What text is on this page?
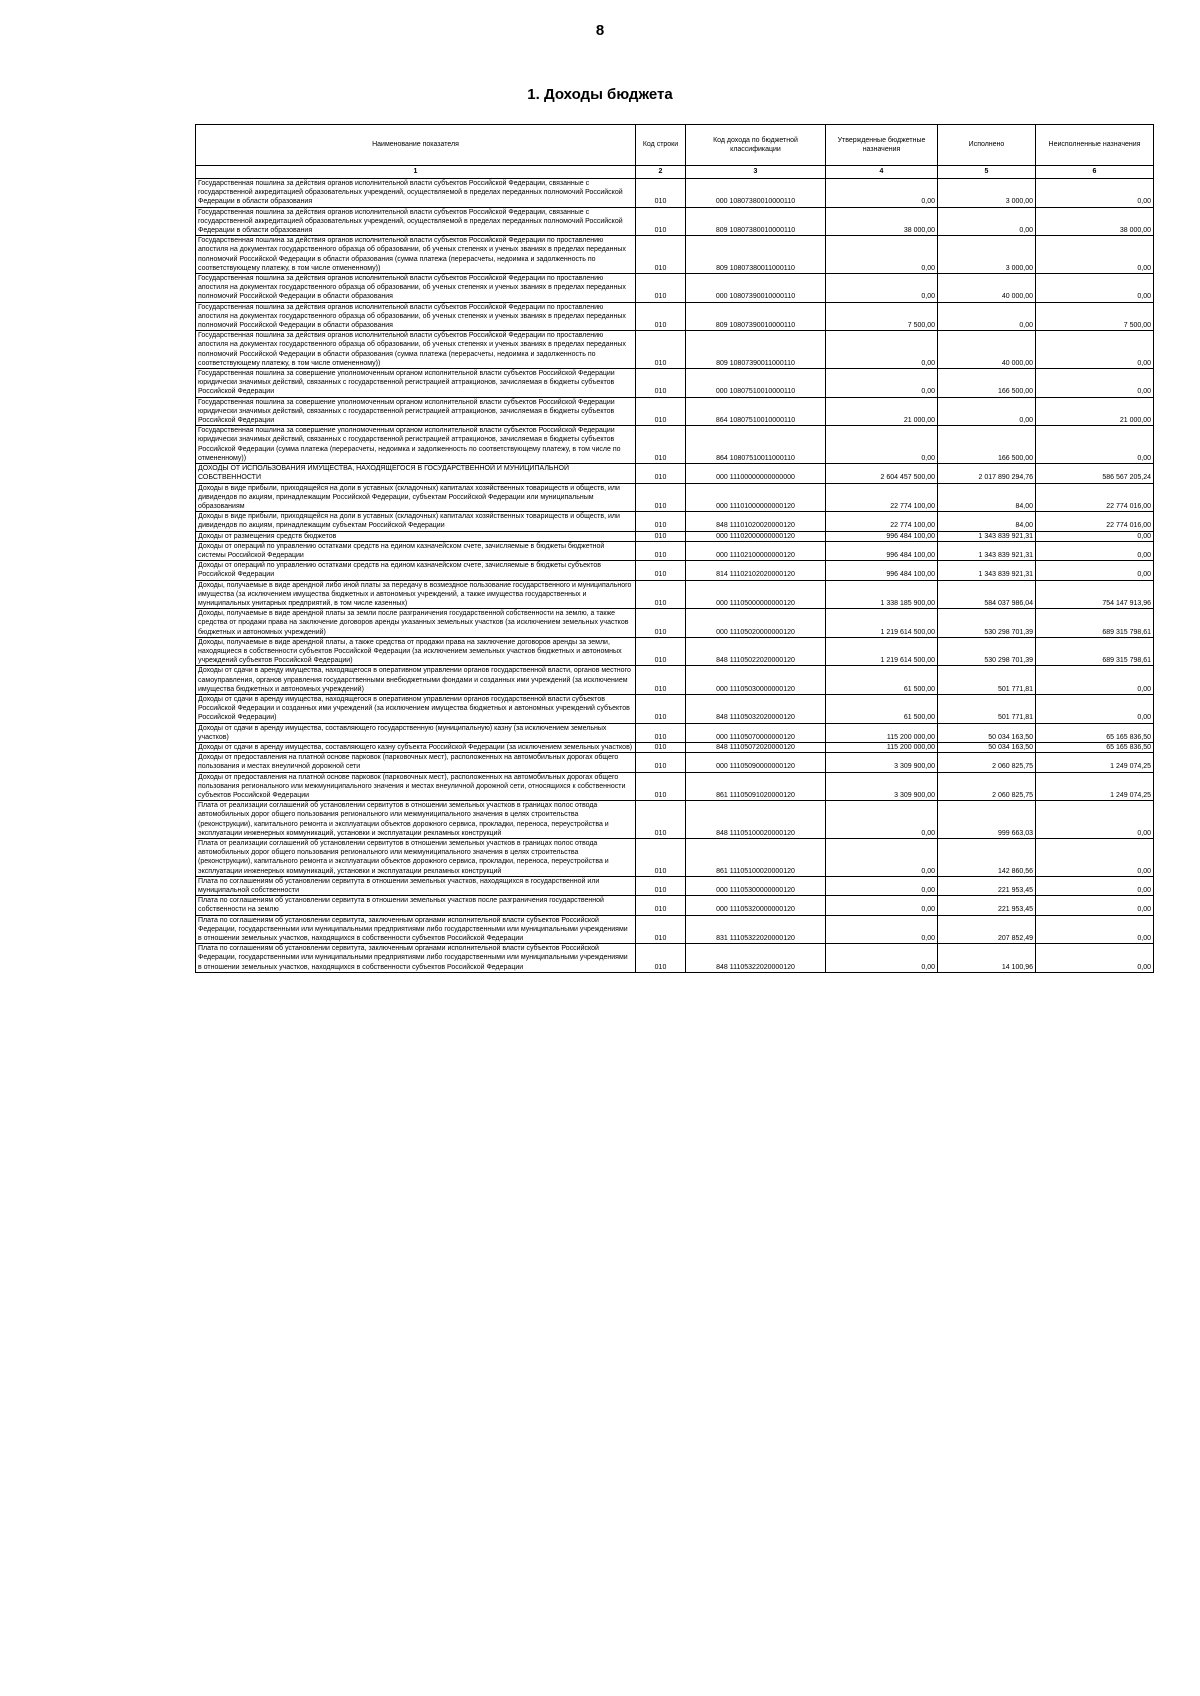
8
1. Доходы бюджета
Наименование показателя	Код строки	Код дохода по бюджетной классификации	Утвержденные бюджетные назначения	Исполнено	Неисполненные назначения
1	2	3	4	5	6
Государственная пошлина за действия органов исполнительной власти субъектов Российской Федерации, связанные с государственной аккредитацией образовательных учреждений, осуществляемой в пределах переданных полномочий Российской Федерации в области образования	010	000 10807380010000110	0,00	3 000,00	0,00
Государственная пошлина за действия органов исполнительной власти субъектов Российской Федерации, связанные с государственной аккредитацией образовательных учреждений, осуществляемой в пределах переданных полномочий Российской Федерации в области образования	010	809 10807380010000110	38 000,00	0,00	38 000,00
Государственная пошлина за действия органов исполнительной власти субъектов Российской Федерации по проставлению апостиля на документах государственного образца об образовании, об ученых степенях и ученых званиях в пределах переданных полномочий Российской Федерации в области образования (сумма платежа (перерасчеты, недоимка и задолженность по соответствующему платежу, в том числе отмененному))	010	809 10807380011000110	0,00	3 000,00	0,00
Государственная пошлина за действия органов исполнительной власти субъектов Российской Федерации по проставлению апостиля на документах государственного образца об образовании, об ученых степенях и ученых званиях в пределах переданных полномочий Российской Федерации в области образования	010	000 10807390010000110	0,00	40 000,00	0,00
Государственная пошлина за действия органов исполнительной власти субъектов Российской Федерации по проставлению апостиля на документах государственного образца об образовании, об ученых степенях и ученых званиях в пределах переданных полномочий Российской Федерации в области образования	010	809 10807390010000110	7 500,00	0,00	7 500,00
Государственная пошлина за действия органов исполнительной власти субъектов Российской Федерации по проставлению апостиля на документах государственного образца об образовании, об ученых степенях и ученых званиях в пределах переданных полномочий Российской Федерации в области образования (сумма платежа (перерасчеты, недоимка и задолженность по соответствующему платежу, в том числе отмененному))	010	809 10807390011000110	0,00	40 000,00	0,00
Государственная пошлина за совершение уполномоченным органом исполнительной власти субъектов Российской Федерации юридически значимых действий, связанных с государственной регистрацией аттракционов, зачисляемая в бюджеты субъектов Российской Федерации	010	000 10807510010000110	0,00	166 500,00	0,00
Государственная пошлина за совершение уполномоченным органом исполнительной власти субъектов Российской Федерации юридически значимых действий, связанных с государственной регистрацией аттракционов, зачисляемая в бюджеты субъектов Российской Федерации	010	864 10807510010000110	21 000,00	0,00	21 000,00
Государственная пошлина за совершение уполномоченным органом исполнительной власти субъектов Российской Федерации юридически значимых действий, связанных с государственной регистрацией аттракционов, зачисляемая в бюджеты субъектов Российской Федерации (сумма платежа (перерасчеты, недоимка и задолженность по соответствующему платежу, в том числе по отмененному))	010	864 10807510011000110	0,00	166 500,00	0,00
ДОХОДЫ ОТ ИСПОЛЬЗОВАНИЯ ИМУЩЕСТВА, НАХОДЯЩЕГОСЯ В ГОСУДАРСТВЕННОЙ И МУНИЦИПАЛЬНОЙ СОБСТВЕННОСТИ	010	000 11100000000000000	2 604 457 500,00	2 017 890 294,76	586 567 205,24
Доходы в виде прибыли, приходящейся на доли в уставных (складочных) капиталах хозяйственных товариществ и обществ, или дивидендов по акциям, принадлежащим Российской Федерации, субъектам Российской Федерации или муниципальным образованиям	010	000 11101000000000120	22 774 100,00	84,00	22 774 016,00
Доходы в виде прибыли, приходящейся на доли в уставных (складочных) капиталах хозяйственных товариществ и обществ, или дивидендов по акциям, принадлежащим субъектам Российской Федерации	010	848 11101020020000120	22 774 100,00	84,00	22 774 016,00
Доходы от размещения средств бюджетов	010	000 11102000000000120	996 484 100,00	1 343 839 921,31	0,00
Доходы от операций по управлению остатками средств на едином казначейском счете, зачисляемые в бюджеты бюджетной системы Российской Федерации	010	000 11102100000000120	996 484 100,00	1 343 839 921,31	0,00
Доходы от операций по управлению остатками средств на едином казначейском счете, зачисляемые в бюджеты субъектов Российской Федерации	010	814 11102102020000120	996 484 100,00	1 343 839 921,31	0,00
Доходы, получаемые в виде арендной либо иной платы за передачу в возмездное пользование государственного и муниципального имущества (за исключением имущества бюджетных и автономных учреждений, а также имущества государственных и муниципальных унитарных предприятий, в том числе казенных)	010	000 11105000000000120	1 338 185 900,00	584 037 986,04	754 147 913,96
Доходы, получаемые в виде арендной платы за земли после разграничения государственной собственности на землю, а также средства от продажи права на заключение договоров аренды указанных земельных участков (за исключением земельных участков бюджетных и автономных учреждений)	010	000 11105020000000120	1 219 614 500,00	530 298 701,39	689 315 798,61
Доходы, получаемые в виде арендной платы, а также средства от продажи права на заключение договоров аренды за земли, находящиеся в собственности субъектов Российской Федерации (за исключением земельных участков бюджетных и автономных учреждений субъектов Российской Федерации)	010	848 11105022020000120	1 219 614 500,00	530 298 701,39	689 315 798,61
Доходы от сдачи в аренду имущества, находящегося в оперативном управлении органов государственной власти, органов местного самоуправления, органов управления государственными внебюджетными фондами и созданных ими учреждений (за исключением имущества бюджетных и автономных учреждений)	010	000 11105030000000120	61 500,00	501 771,81	0,00
Доходы от сдачи в аренду имущества, находящегося в оперативном управлении органов государственной власти субъектов Российской Федерации и созданных ими учреждений (за исключением имущества бюджетных и автономных учреждений субъектов Российской Федерации)	010	848 11105032020000120	61 500,00	501 771,81	0,00
Доходы от сдачи в аренду имущества, составляющего государственную (муниципальную) казну (за исключением земельных участков)	010	000 11105070000000120	115 200 000,00	50 034 163,50	65 165 836,50
Доходы от сдачи в аренду имущества, составляющего казну субъекта Российской Федерации (за исключением земельных участков)	010	848 11105072020000120	115 200 000,00	50 034 163,50	65 165 836,50
Доходы от предоставления на платной основе парковок (парковочных мест), расположенных на автомобильных дорогах общего пользования и местах внеуличной дорожной сети	010	000 11105090000000120	3 309 900,00	2 060 825,75	1 249 074,25
Доходы от предоставления на платной основе парковок (парковочных мест), расположенных на автомобильных дорогах общего пользования регионального или межмуниципального значения и местах внеуличной дорожной сети, относящихся к собственности субъектов Российской Федерации	010	861 11105091020000120	3 309 900,00	2 060 825,75	1 249 074,25
Плата от реализации соглашений об установлении сервитутов в отношении земельных участков в границах полос отвода автомобильных дорог общего пользования регионального или межмуниципального значения в целях строительства (реконструкции), капитального ремонта и эксплуатации объектов дорожного сервиса, прокладки, переноса, переустройства и эксплуатации инженерных коммуникаций, установки и эксплуатации рекламных конструкций	010	848 11105100020000120	0,00	999 663,03	0,00
Плата от реализации соглашений об установлении сервитутов в отношении земельных участков в границах полос отвода автомобильных дорог общего пользования регионального или межмуниципального значения в целях строительства (реконструкции), капитального ремонта и эксплуатации объектов дорожного сервиса, прокладки, переноса, переустройства и эксплуатации инженерных коммуникаций, установки и эксплуатации рекламных конструкций	010	861 11105100020000120	0,00	142 860,56	0,00
Плата по соглашениям об установлении сервитута в отношении земельных участков, находящихся в государственной или муниципальной собственности	010	000 11105300000000120	0,00	221 953,45	0,00
Плата по соглашениям об установлении сервитута в отношении земельных участков после разграничения государственной собственности на землю	010	000 11105320000000120	0,00	221 953,45	0,00
Плата по соглашениям об установлении сервитута, заключенным органами исполнительной власти субъектов Российской Федерации, государственными или муниципальными предприятиями либо государственными или муниципальными учреждениями в отношении земельных участков, находящихся в собственности субъектов Российской Федерации	010	831 11105322020000120	0,00	207 852,49	0,00
Плата по соглашениям об установлении сервитута, заключенным органами исполнительной власти субъектов Российской Федерации, государственными или муниципальными предприятиями либо государственными или муниципальными учреждениями в отношении земельных участков, находящихся в собственности субъектов Российской Федерации	010	848 11105322020000120	0,00	14 100,96	0,00
